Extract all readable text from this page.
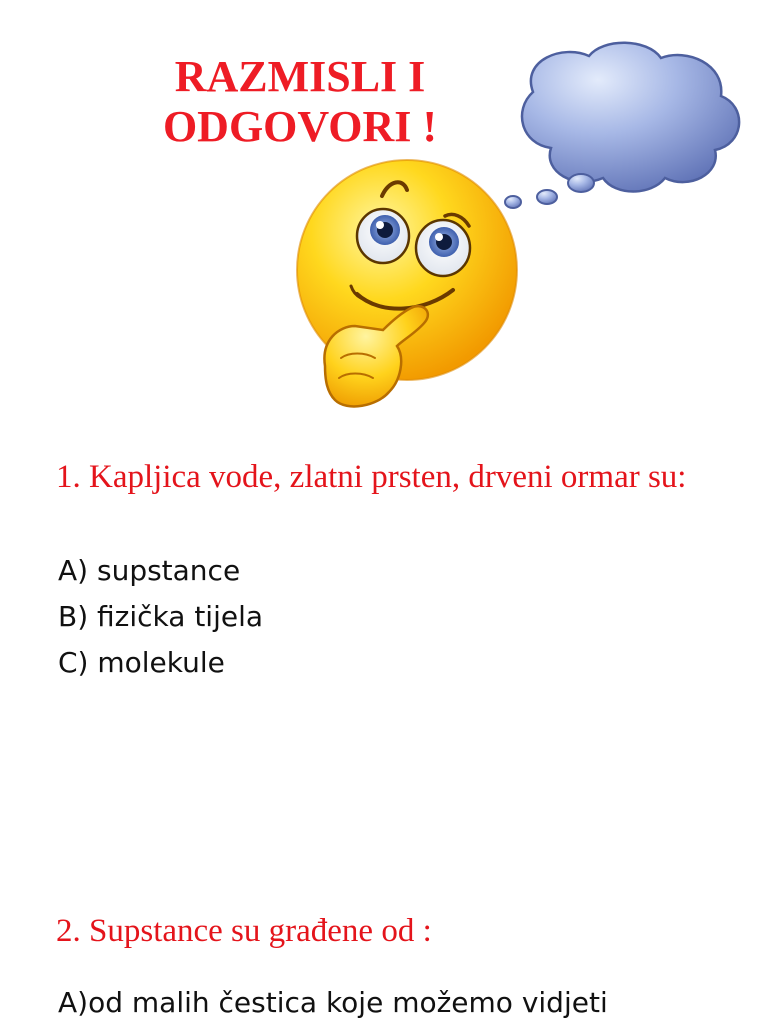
RAZMISLI I
ODGOVORI !

1. Kapljica vode, zlatni prsten, drveni ormar su:

A) supstance
B) fizička tijela
C) molekule

2. Supstance su građene od :

A)od malih čestica koje možemo vidjeti
